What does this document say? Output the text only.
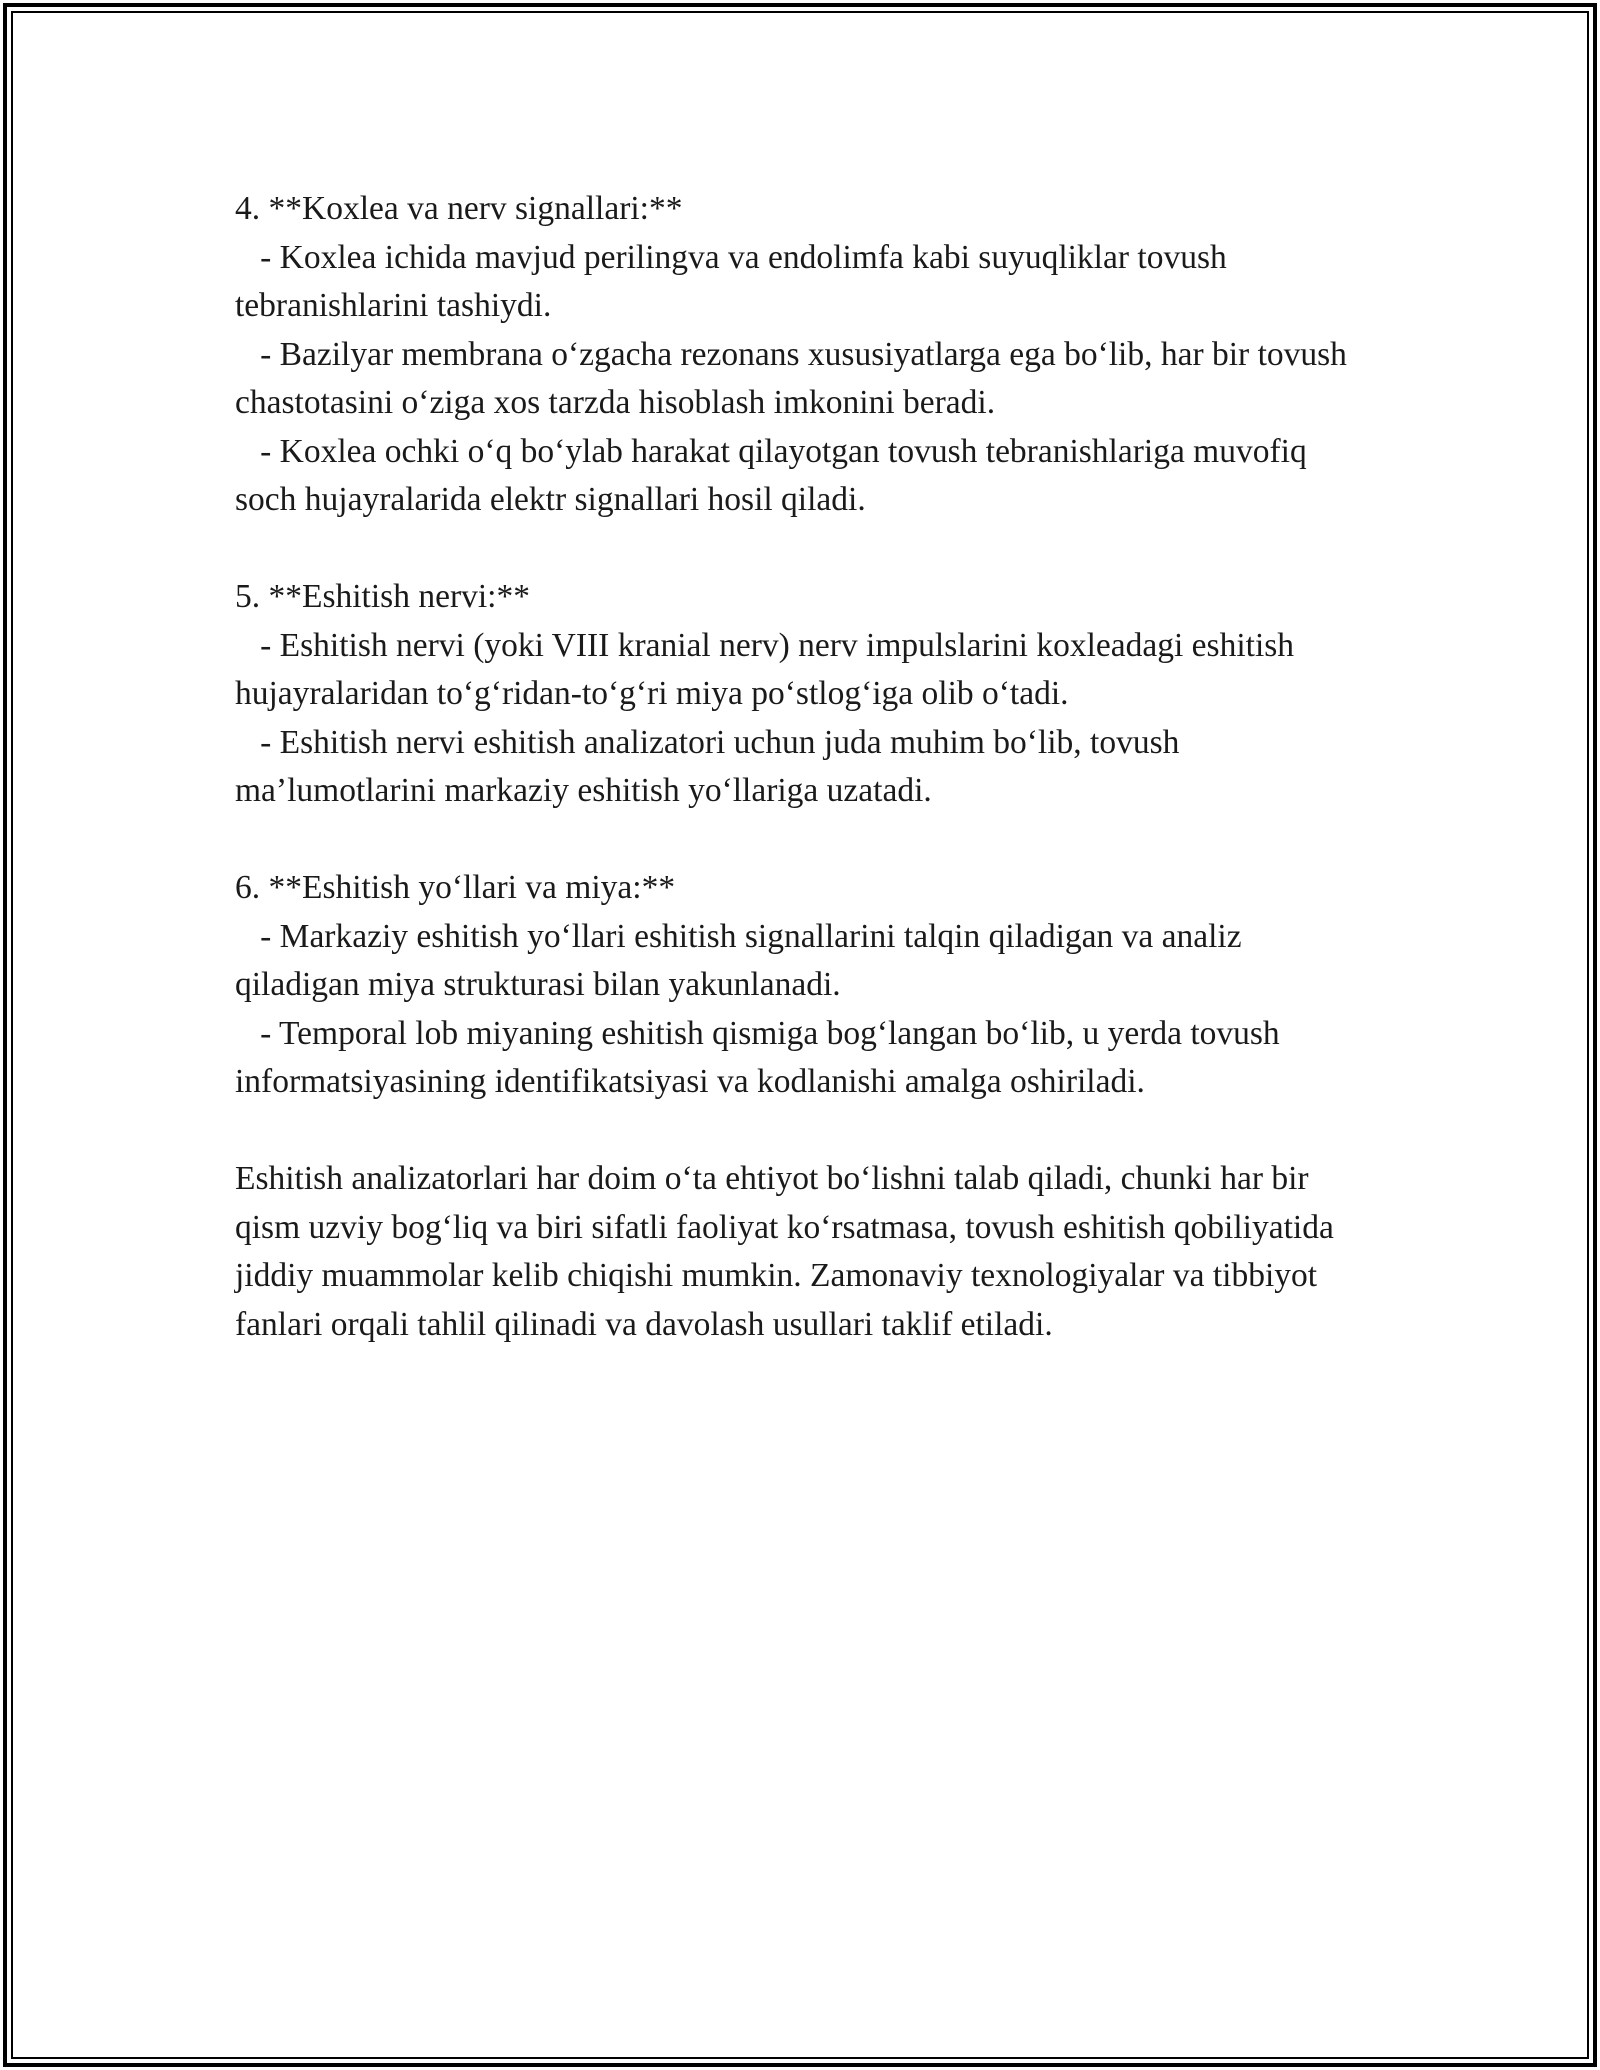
4. **Koxlea va nerv signallari:**

- Koxlea ichida mavjud perilingva va endolimfa kabi suyuqliklar tovush tebranishlarini tashiydi.

- Bazilyar membrana o‘zgacha rezonans xususiyatlarga ega bo‘lib, har bir tovush chastotasini o‘ziga xos tarzda hisoblash imkonini beradi.

- Koxlea ochki o‘q bo‘ylab harakat qilayotgan tovush tebranishlariga muvofiq soch hujayralarida elektr signallari hosil qiladi.

5. **Eshitish nervi:**

- Eshitish nervi (yoki VIII kranial nerv) nerv impulslarini koxleadagi eshitish hujayralaridan to‘g‘ridan-to‘g‘ri miya po‘stlog‘iga olib o‘tadi.

- Eshitish nervi eshitish analizatori uchun juda muhim bo‘lib, tovush ma’lumotlarini markaziy eshitish yo‘llariga uzatadi.

6. **Eshitish yo‘llari va miya:**

- Markaziy eshitish yo‘llari eshitish signallarini talqin qiladigan va analiz qiladigan miya strukturasi bilan yakunlanadi.

- Temporal lob miyaning eshitish qismiga bog‘langan bo‘lib, u yerda tovush informatsiyasining identifikatsiyasi va kodlanishi amalga oshiriladi.

Eshitish analizatorlari har doim o‘ta ehtiyot bo‘lishni talab qiladi, chunki har bir qism uzviy bog‘liq va biri sifatli faoliyat ko‘rsatmasa, tovush eshitish qobiliyatida jiddiy muammolar kelib chiqishi mumkin. Zamonaviy texnologiyalar va tibbiyot fanlari orqali tahlil qilinadi va davolash usullari taklif etiladi.
